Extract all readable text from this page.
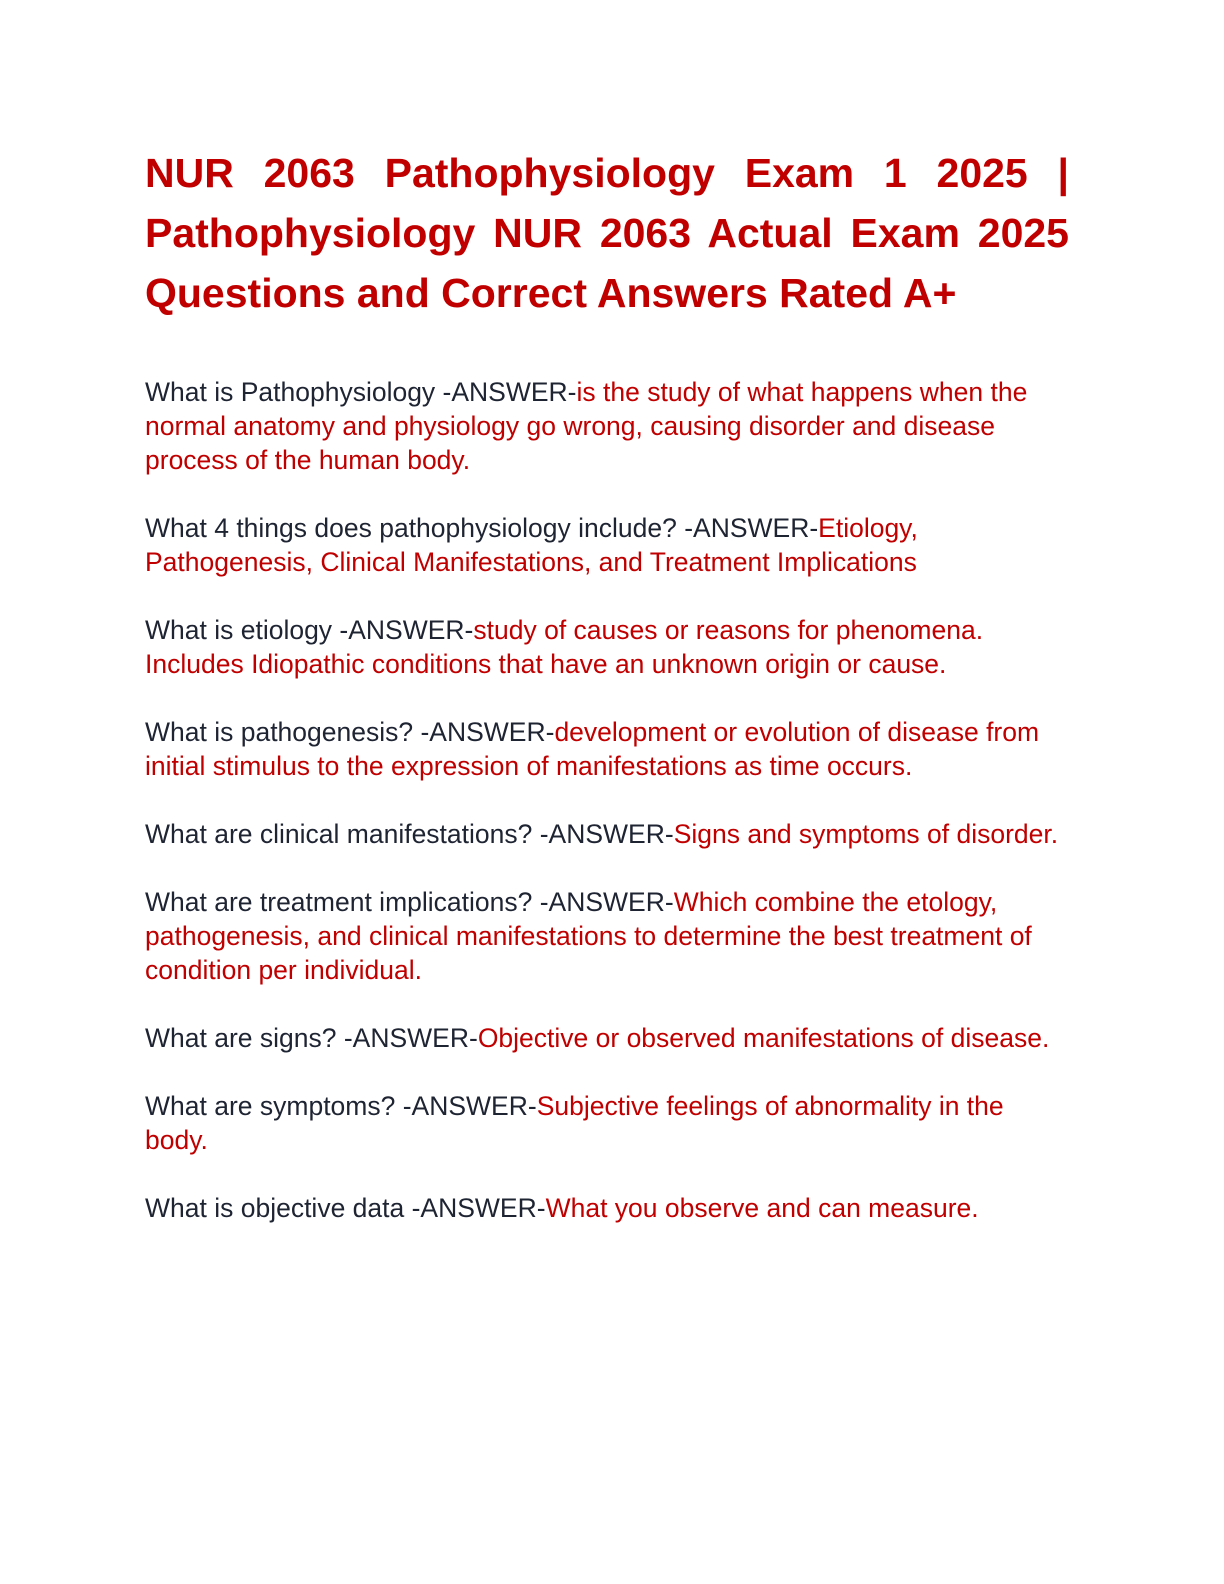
NUR 2063 Pathophysiology Exam 1 2025 | Pathophysiology NUR 2063 Actual Exam 2025 Questions and Correct Answers Rated A+

What is Pathophysiology -ANSWER-is the study of what happens when the normal anatomy and physiology go wrong, causing disorder and disease process of the human body.

What 4 things does pathophysiology include? -ANSWER-Etiology, Pathogenesis, Clinical Manifestations, and Treatment Implications

What is etiology -ANSWER-study of causes or reasons for phenomena. Includes Idiopathic conditions that have an unknown origin or cause.

What is pathogenesis? -ANSWER-development or evolution of disease from initial stimulus to the expression of manifestations as time occurs.

What are clinical manifestations? -ANSWER-Signs and symptoms of disorder.

What are treatment implications? -ANSWER-Which combine the etology, pathogenesis, and clinical manifestations to determine the best treatment of condition per individual.

What are signs? -ANSWER-Objective or observed manifestations of disease.

What are symptoms? -ANSWER-Subjective feelings of abnormality in the body.

What is objective data -ANSWER-What you observe and can measure.
